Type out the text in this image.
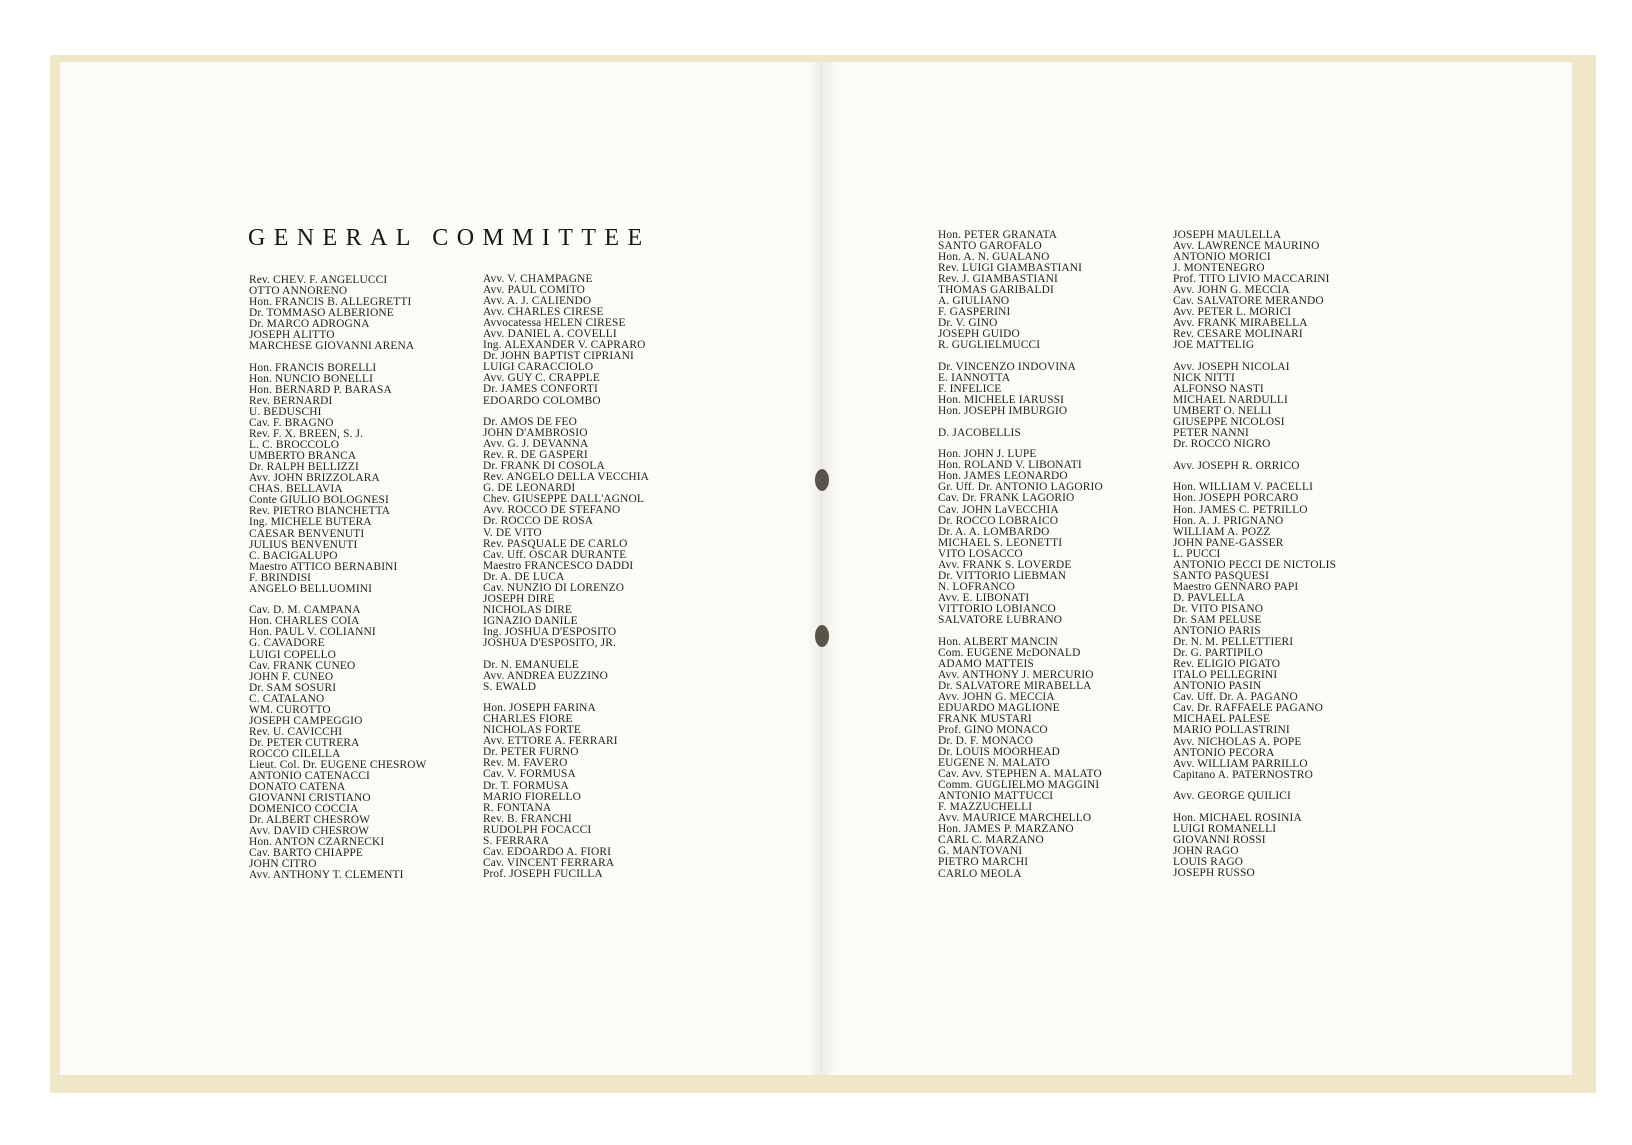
GENERAL COMMITTEE
Rev. CHEV. F. ANGELUCCI
OTTO ANNORENO
Hon. FRANCIS B. ALLEGRETTI
Dr. TOMMASO ALBERIONE
Dr. MARCO ADROGNA
JOSEPH ALITTO
MARCHESE GIOVANNI ARENA
Hon. FRANCIS BORELLI
Hon. NUNCIO BONELLI
Hon. BERNARD P. BARASA
Rev. BERNARDI
U. BEDUSCHI
Cav. F. BRAGNO
Rev. F. X. BREEN, S. J.
L. C. BROCCOLO
UMBERTO BRANCA
Dr. RALPH BELLIZZI
Avv. JOHN BRIZZOLARA
CHAS. BELLAVIA
Conte GIULIO BOLOGNESI
Rev. PIETRO BIANCHETTA
Ing. MICHELE BUTERA
CAESAR BENVENUTI
JULIUS BENVENUTI
C. BACIGALUPO
Maestro ATTICO BERNABINI
F. BRINDISI
ANGELO BELLUOMINI
Cav. D. M. CAMPANA
Hon. CHARLES COIA
Hon. PAUL V. COLIANNI
G. CAVADORE
LUIGI COPELLO
Cav. FRANK CUNEO
JOHN F. CUNEO
Dr. SAM SOSURI
C. CATALANO
WM. CUROTTO
JOSEPH CAMPEGGIO
Rev. U. CAVICCHI
Dr. PETER CUTRERA
ROCCO CILELLA
Lieut. Col. Dr. EUGENE CHESROW
ANTONIO CATENACCI
DONATO CATENA
GIOVANNI CRISTIANO
DOMENICO COCCIA
Dr. ALBERT CHESROW
Avv. DAVID CHESROW
Hon. ANTON CZARNECKI
Cav. BARTO CHIAPPE
JOHN CITRO
Avv. ANTHONY T. CLEMENTI
Avv. V. CHAMPAGNE
Avv. PAUL COMITO
Avv. A. J. CALIENDO
Avv. CHARLES CIRESE
Avvocatessa HELEN CIRESE
Avv. DANIEL A. COVELLI
Ing. ALEXANDER V. CAPRARO
Dr. JOHN BAPTIST CIPRIANI
LUIGI CARACCIOLO
Avv. GUY C. CRAPPLE
Dr. JAMES CONFORTI
EDOARDO COLOMBO
Dr. AMOS DE FEO
JOHN D'AMBROSIO
Avv. G. J. DEVANNA
Rev. R. DE GASPERI
Dr. FRANK DI COSOLA
Rev. ANGELO DELLA VECCHIA
G. DE LEONARDI
Chev. GIUSEPPE DALL'AGNOL
Avv. ROCCO DE STEFANO
Dr. ROCCO DE ROSA
V. DE VITO
Rev. PASQUALE DE CARLO
Cav. Uff. OSCAR DURANTE
Maestro FRANCESCO DADDI
Dr. A. DE LUCA
Cav. NUNZIO DI LORENZO
JOSEPH DIRE
NICHOLAS DIRE
IGNAZIO DANILE
Ing. JOSHUA D'ESPOSITO
JOSHUA D'ESPOSITO, JR.
Dr. N. EMANUELE
Avv. ANDREA EUZZINO
S. EWALD
Hon. JOSEPH FARINA
CHARLES FIORE
NICHOLAS FORTE
Avv. ETTORE A. FERRARI
Dr. PETER FURNO
Rev. M. FAVERO
Cav. V. FORMUSA
Dr. T. FORMUSA
MARIO FIORELLO
R. FONTANA
Rev. B. FRANCHI
RUDOLPH FOCACCI
S. FERRARA
Cav. EDOARDO A. FIORI
Cav. VINCENT FERRARA
Prof. JOSEPH FUCILLA
Hon. PETER GRANATA
SANTO GAROFALO
Hon. A. N. GUALANO
Rev. LUIGI GIAMBASTIANI
Rev. J. GIAMBASTIANI
THOMAS GARIBALDI
A. GIULIANO
F. GASPERINI
Dr. V. GINO
JOSEPH GUIDO
R. GUGLIELMUCCI
Dr. VINCENZO INDOVINA
E. IANNOTTA
F. INFELICE
Hon. MICHELE IARUSSI
Hon. JOSEPH IMBURGIO
D. JACOBELLIS
Hon. JOHN J. LUPE
Hon. ROLAND V. LIBONATI
Hon. JAMES LEONARDO
Gr. Uff. Dr. ANTONIO LAGORIO
Cav. Dr. FRANK LAGORIO
Cav. JOHN LaVECCHIA
Dr. ROCCO LOBRAICO
Dr. A. A. LOMBARDO
MICHAEL S. LEONETTI
VITO LOSACCO
Avv. FRANK S. LOVERDE
Dr. VITTORIO LIEBMAN
N. LOFRANCO
Avv. E. LIBONATI
VITTORIO LOBIANCO
SALVATORE LUBRANO
Hon. ALBERT MANCIN
Com. EUGENE McDONALD
ADAMO MATTEIS
Avv. ANTHONY J. MERCURIO
Dr. SALVATORE MIRABELLA
Avv. JOHN G. MECCIA
EDUARDO MAGLIONE
FRANK MUSTARI
Prof. GINO MONACO
Dr. D. F. MONACO
Dr. LOUIS MOORHEAD
EUGENE N. MALATO
Cav. Avv. STEPHEN A. MALATO
Comm. GUGLIELMO MAGGINI
ANTONIO MATTUCCI
F. MAZZUCHELLI
Avv. MAURICE MARCHELLO
Hon. JAMES P. MARZANO
CARL C. MARZANO
G. MANTOVANI
PIETRO MARCHI
CARLO MEOLA
JOSEPH MAULELLA
Avv. LAWRENCE MAURINO
ANTONIO MORICI
J. MONTENEGRO
Prof. TITO LIVIO MACCARINI
Avv. JOHN G. MECCIA
Cav. SALVATORE MERANDO
Avv. PETER L. MORICI
Avv. FRANK MIRABELLA
Rev. CESARE MOLINARI
JOE MATTELIG
Avv. JOSEPH NICOLAI
NICK NITTI
ALFONSO NASTI
MICHAEL NARDULLI
UMBERT O. NELLI
GIUSEPPE NICOLOSI
PETER NANNI
Dr. ROCCO NIGRO
Avv. JOSEPH R. ORRICO
Hon. WILLIAM V. PACELLI
Hon. JOSEPH PORCARO
Hon. JAMES C. PETRILLO
Hon. A. J. PRIGNANO
WILLIAM A. POZZ
JOHN PANE-GASSER
L. PUCCI
ANTONIO PECCI DE NICTOLIS
SANTO PASQUESI
Maestro GENNARO PAPI
D. PAVLELLA
Dr. VITO PISANO
Dr. SAM PELUSE
ANTONIO PARIS
Dr. N. M. PELLETTIERI
Dr. G. PARTIPILO
Rev. ELIGIO PIGATO
ITALO PELLEGRINI
ANTONIO PASIN
Cav. Uff. Dr. A. PAGANO
Cav. Dr. RAFFAELE PAGANO
MICHAEL PALESE
MARIO POLLASTRINI
Avv. NICHOLAS A. POPE
ANTONIO PECORA
Avv. WILLIAM PARRILLO
Capitano A. PATERNOSTRO
Avv. GEORGE QUILICI
Hon. MICHAEL ROSINIA
LUIGI ROMANELLI
GIOVANNI ROSSI
JOHN RAGO
LOUIS RAGO
JOSEPH RUSSO
